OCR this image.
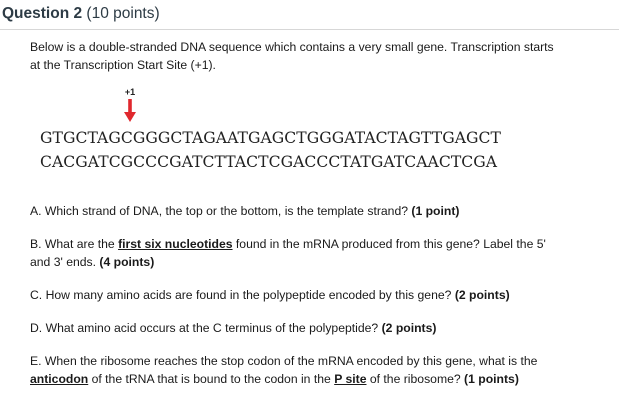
Question 2 (10 points)
Below is a double-stranded DNA sequence which contains a very small gene. Transcription starts
at the Transcription Start Site (+1).
+1
GTGCTAGCGGGCTAGAATGAGCTGGGATACTAGTTGAGCT
CACGATCGCCCGATCTTACTCGACCCTATGATCAACTCGA
A. Which strand of DNA, the top or the bottom, is the template strand? (1 point)
B. What are the first six nucleotides found in the mRNA produced from this gene? Label the 5'
and 3' ends. (4 points)
C. How many amino acids are found in the polypeptide encoded by this gene? (2 points)
D. What amino acid occurs at the C terminus of the polypeptide? (2 points)
E. When the ribosome reaches the stop codon of the mRNA encoded by this gene, what is the
anticodon of the tRNA that is bound to the codon in the P site of the ribosome? (1 points)
